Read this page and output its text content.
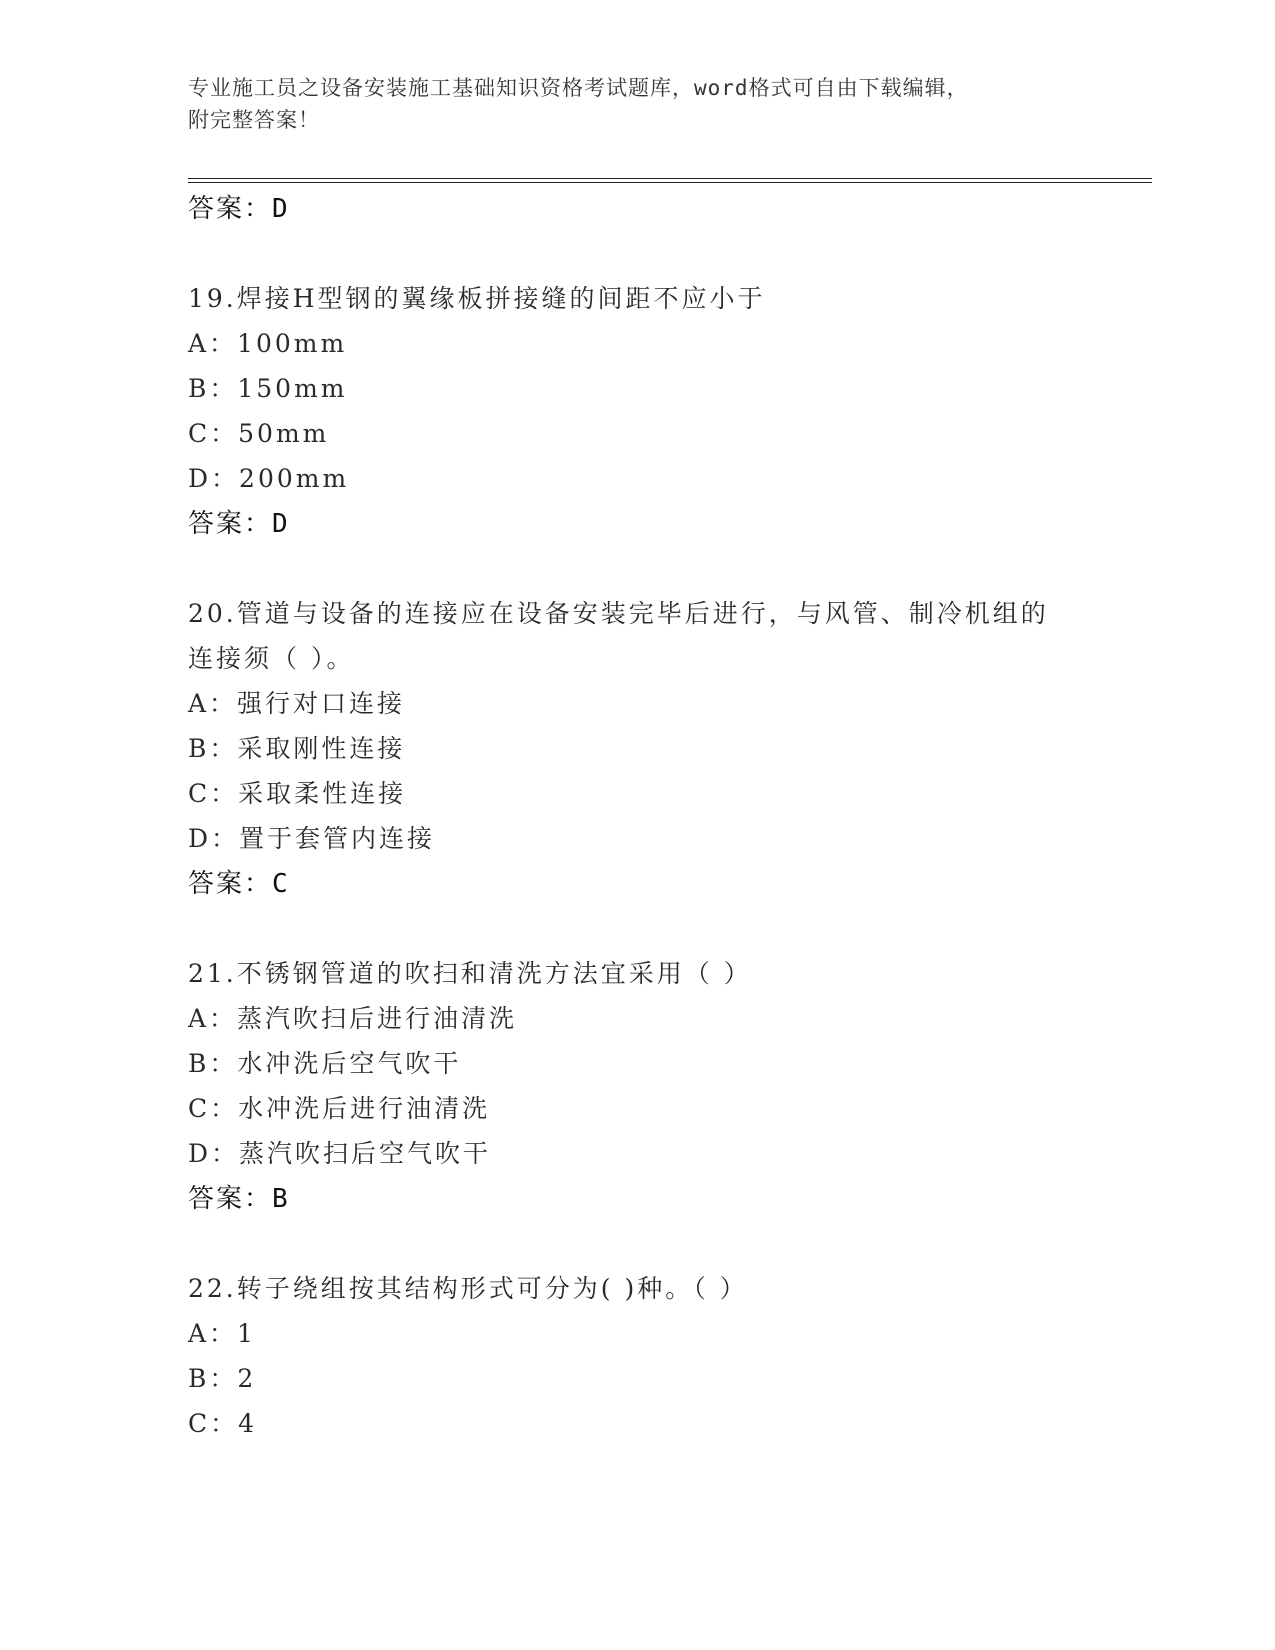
专业施工员之设备安装施工基础知识资格考试题库，word格式可自由下载编辑，
附完整答案！
答案：D
19.焊接H型钢的翼缘板拼接缝的间距不应小于
A：100mm
B：150mm
C：50mm
D：200mm
答案：D
20.管道与设备的连接应在设备安装完毕后进行，与风管、制冷机组的
连接须（ ）。
A：强行对口连接
B：采取刚性连接
C：采取柔性连接
D：置于套管内连接
答案：C
21.不锈钢管道的吹扫和清洗方法宜采用（ ）
A：蒸汽吹扫后进行油清洗
B：水冲洗后空气吹干
C：水冲洗后进行油清洗
D：蒸汽吹扫后空气吹干
答案：B
22.转子绕组按其结构形式可分为( )种。（ ）
A：1
B：2
C：4
